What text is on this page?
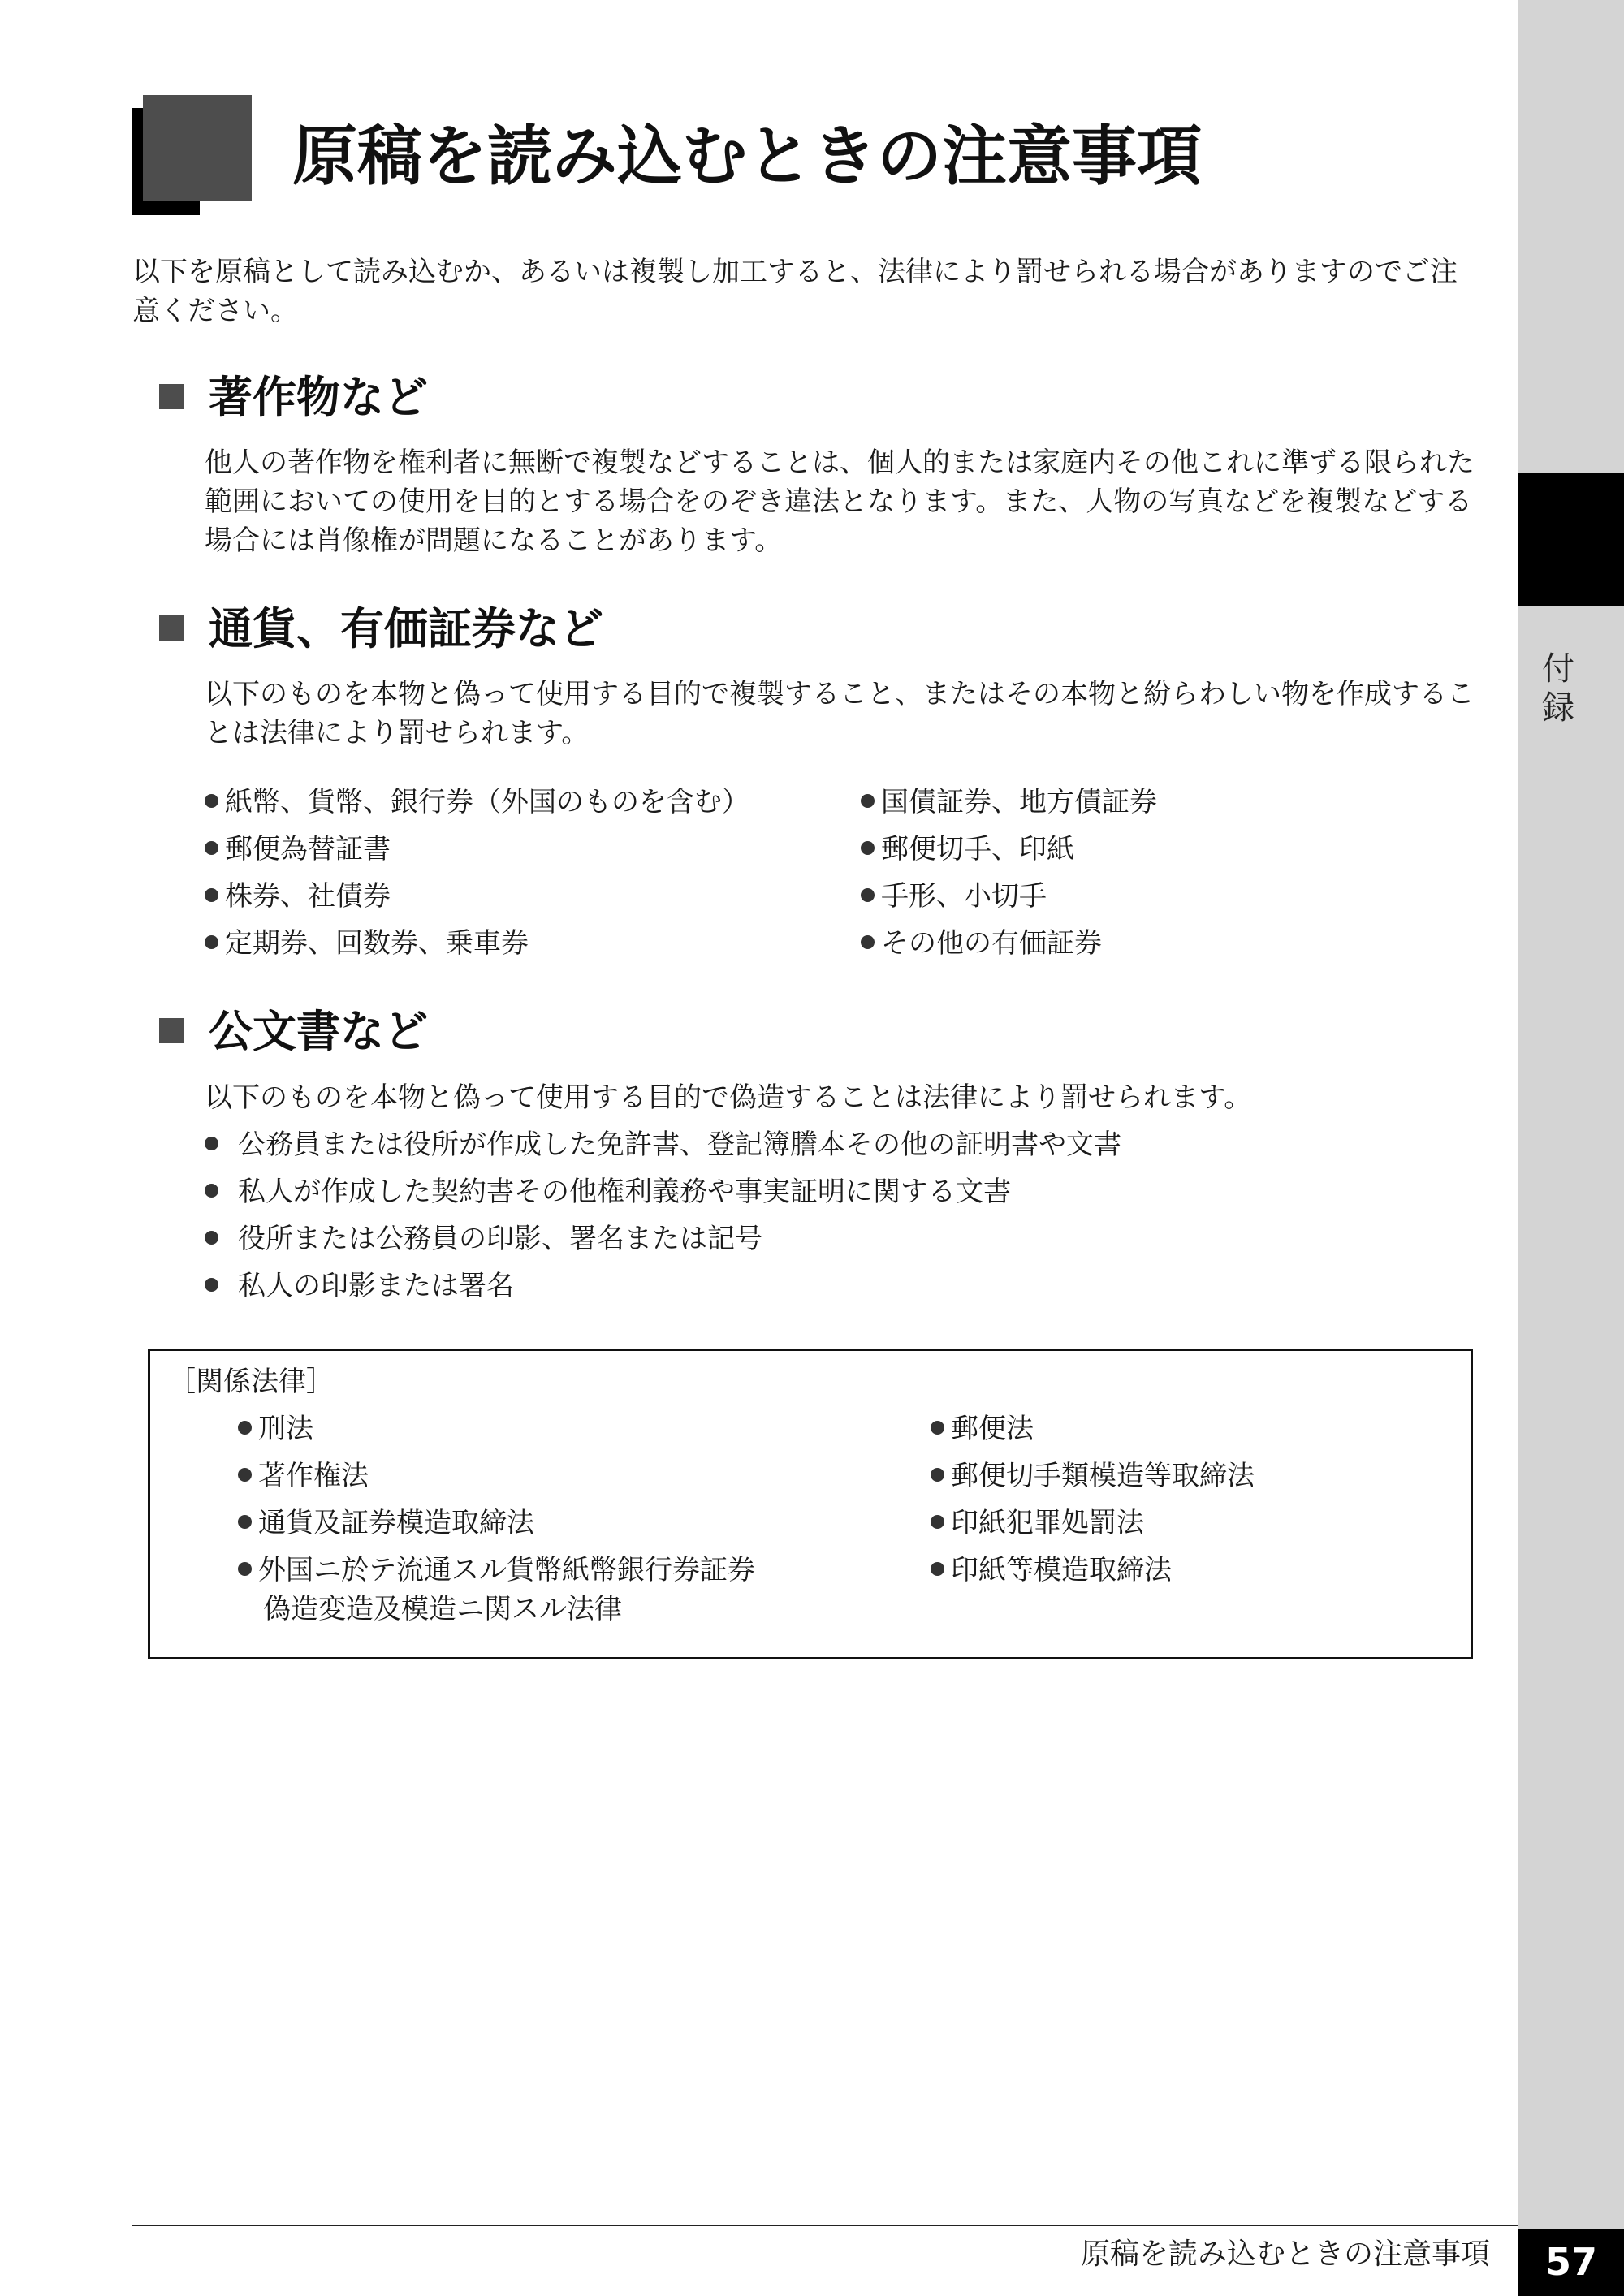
付録
原稿を読み込むときの注意事項

以下を原稿として読み込むか、あるいは複製し加工すると、法律により罰せられる場合がありますのでご注意ください。

著作物など

他人の著作物を権利者に無断で複製などすることは、個人的または家庭内その他これに準ずる限られた範囲においての使用を目的とする場合をのぞき違法となります。また、人物の写真などを複製などする場合には肖像権が問題になることがあります。

通貨、有価証券など

以下のものを本物と偽って使用する目的で複製すること、またはその本物と紛らわしい物を作成することは法律により罰せられます。

紙幣、貨幣、銀行券（外国のものを含む）
郵便為替証書
株券、社債券
定期券、回数券、乗車券
国債証券、地方債証券
郵便切手、印紙
手形、小切手
その他の有価証券
公文書など

以下のものを本物と偽って使用する目的で偽造することは法律により罰せられます。

公務員または役所が作成した免許書、登記簿謄本その他の証明書や文書
私人が作成した契約書その他権利義務や事実証明に関する文書
役所または公務員の印影、署名または記号
私人の印影または署名

［関係法律］

刑法
著作権法
通貨及証券模造取締法
外国ニ於テ流通スル貨幣紙幣銀行券証券
偽造変造及模造ニ関スル法律
郵便法
郵便切手類模造等取締法
印紙犯罪処罰法
印紙等模造取締法

原稿を読み込むときの注意事項	57
